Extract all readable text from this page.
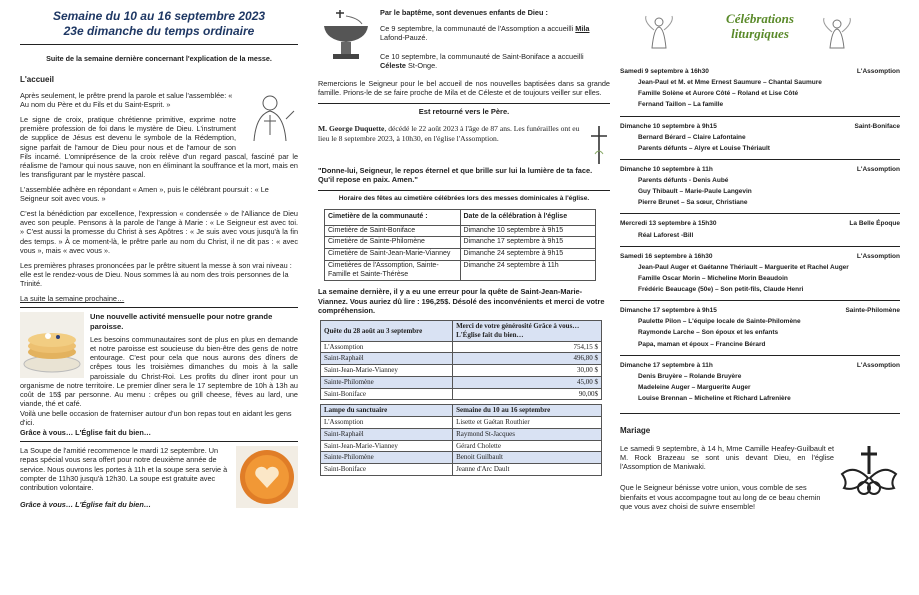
Semaine du 10 au 16 septembre 2023
23e dimanche du temps ordinaire
Suite de la semaine dernière concernant l'explication de la messe.
L'accueil

Après seulement, le prêtre prend la parole et salue l'assemblée: « Au nom du Père et du Fils et du Saint-Esprit. »

Le signe de croix, pratique chrétienne primitive, exprime notre première profession de foi dans le mystère de Dieu. L'instrument de supplice de Jésus est devenu le symbole de la Rédemption, signe parfait de l'amour de Dieu pour nous et de l'amour de son Fils incarné. L'omniprésence de la croix relève d'un regard pascal, fasciné par le réalisme de l'amour qui nous sauve, non en éliminant la souffrance et la mort, mais en les transfigurant par le mystère pascal.

L'assemblée adhère en répondant « Amen », puis le célébrant poursuit : « Le Seigneur soit avec vous. »

C'est la bénédiction par excellence, l'expression « condensée » de l'Alliance de Dieu avec son peuple. Pensons à la parole de l'ange à Marie : « Le Seigneur est avec toi. » C'est aussi la promesse du Christ à ses Apôtres : « Je suis avec vous jusqu'à la fin des temps. » À ce moment-là, le prêtre parle au nom du Christ, il ne dit pas : « avec vous », mais « avec vous ».

Les premières phrases prononcées par le prêtre situent la messe à son vrai niveau : elle est le rendez-vous de Dieu. Nous sommes là au nom des trois personnes de la Trinité.

La suite la semaine prochaine…
Une nouvelle activité mensuelle pour notre grande paroisse.

Les besoins communautaires sont de plus en plus en demande et notre paroisse est soucieuse du bien-être des gens de notre entourage. C'est pour cela que nous aurons des dîners de crêpes tous les troisièmes dimanches du mois à la salle paroissiale du Christ-Roi. Les profits du dîner iront pour un organisme de notre territoire. Le premier dîner sera le 17 septembre de 10h à 13h au coût de 15$ par personne. Au menu : crêpes ou grill cheese, fèves au lard, une viande, thé et café.

Voilà une belle occasion de fraterniser autour d'un bon repas tout en aidant les gens d'ici.

Grâce à vous… L'Église fait du bien…

La Soupe de l'amitié recommence le mardi 12 septembre. Un repas spécial vous sera offert pour notre deuxième année de service. Nous ouvrons les portes à 11h et la soupe sera servie à compter de 11h30 jusqu'à 12h30. La soupe est gratuite avec contribution volontaire.

Grâce à vous… L'Église fait du bien…
Par le baptême, sont devenues enfants de Dieu :

Ce 9 septembre, la communauté de l'Assomption a accueilli Mila Lafond-Pauzé.

Ce 10 septembre, la communauté de Saint-Boniface a accueilli Céleste St-Onge.

Remercions le Seigneur pour le bel accueil de nos nouvelles baptisées dans sa grande famille. Prions-le de se faire proche de Mila et de Céleste et de toujours veiller sur elles.

Est retourné vers le Père.

M. George Duquette, décédé le 22 août 2023 à l'âge de 87 ans. Les funérailles ont eu lieu le 8 septembre 2023, à 10h30, en l'église l'Assomption.

"Donne-lui, Seigneur, le repos éternel et que brille sur lui la lumière de ta face. Qu'il repose en paix. Amen."
Horaire des fêtes au cimetière célébrées lors des messes dominicales à l'église.
Cimetière de la communauté :	Date de la célébration à l'église
Cimetière de Saint-Boniface	Dimanche 10 septembre à 9h15
Cimetière de Sainte-Philomène	Dimanche 17 septembre à 9h15
Cimetière de Saint-Jean-Marie-Vianney	Dimanche 24 septembre à 9h15
Cimetières de l'Assomption, Sainte-Famille et Sainte-Thérèse	Dimanche 24 septembre à 11h
La semaine dernière, il y a eu une erreur pour la quête de Saint-Jean-Marie-Viannez. Vous auriez dû lire : 196,25$. Désolé des inconvénients et merci de votre compréhension.
Quête du 28 août au 3 septembre	Merci de votre générosité Grâce à vous…L'Église fait du bien…
L'Assomption	754,15 $
Saint-Raphaël	496,80 $
Saint-Jean-Marie-Vianney	30,00 $
Sainte-Philomène	45,00 $
Saint-Boniface	90,00$
Lampe du sanctuaire	Semaine du 10 au 16 septembre
L'Assomption	Lisette et Gaétan Routhier
Saint-Raphaël	Raymond St-Jacques
Saint-Jean-Marie-Vianney	Gérard Cholette
Sainte-Philomène	Benoit Guilbault
Saint-Boniface	Jeanne d'Arc Dault
Célébrations
liturgiques
Samedi 9 septembre à 16h30	L'Assomption
Jean-Paul et M. et Mme Ernest Saumure – Chantal Saumure
Famille Solène et Aurore Côté – Roland et Lise Côté
Fernand Taillon – La famille
Dimanche 10 septembre à 9h15	Saint-Boniface
Bernard Bérard – Claire Lafontaine
Parents défunts – Alyre et Louise Thériault
Dimanche 10 septembre à 11h	L'Assomption
Parents défunts - Denis Aubé
Guy Thibault – Marie-Paule Langevin
Pierre Brunet – Sa sœur, Christiane
Mercredi 13 septembre à 15h30	La Belle Époque
Réal Laforest -Bill
Samedi 16 septembre à 16h30	L'Assomption
Jean-Paul Auger et Gaétanne Thériault – Marguerite et Rachel Auger
Famille Oscar Morin – Micheline Morin Beaudoin
Frédéric Beaucage (50e) – Son petit-fils, Claude Henri
Dimanche 17 septembre à 9h15	Sainte-Philomène
Paulette Pilon – L'équipe locale de Sainte-Philomène
Raymonde Larche – Son époux et les enfants
Papa, maman et époux – Francine Bérard
Dimanche 17 septembre à 11h	L'Assomption
Denis Bruyère – Rolande Bruyère
Madeleine Auger – Marguerite Auger
Louise Brennan – Micheline et Richard Lafrenière
Mariage

Le samedi 9 septembre, à 14 h, Mme Camille Heafey-Guilbault et M. Rock Brazeau se sont unis devant Dieu, en l'église l'Assomption de Maniwaki.

Que le Seigneur bénisse votre union, vous comble de ses bienfaits et vous accompagne tout au long de ce beau chemin que vous avez choisi de suivre ensemble!
